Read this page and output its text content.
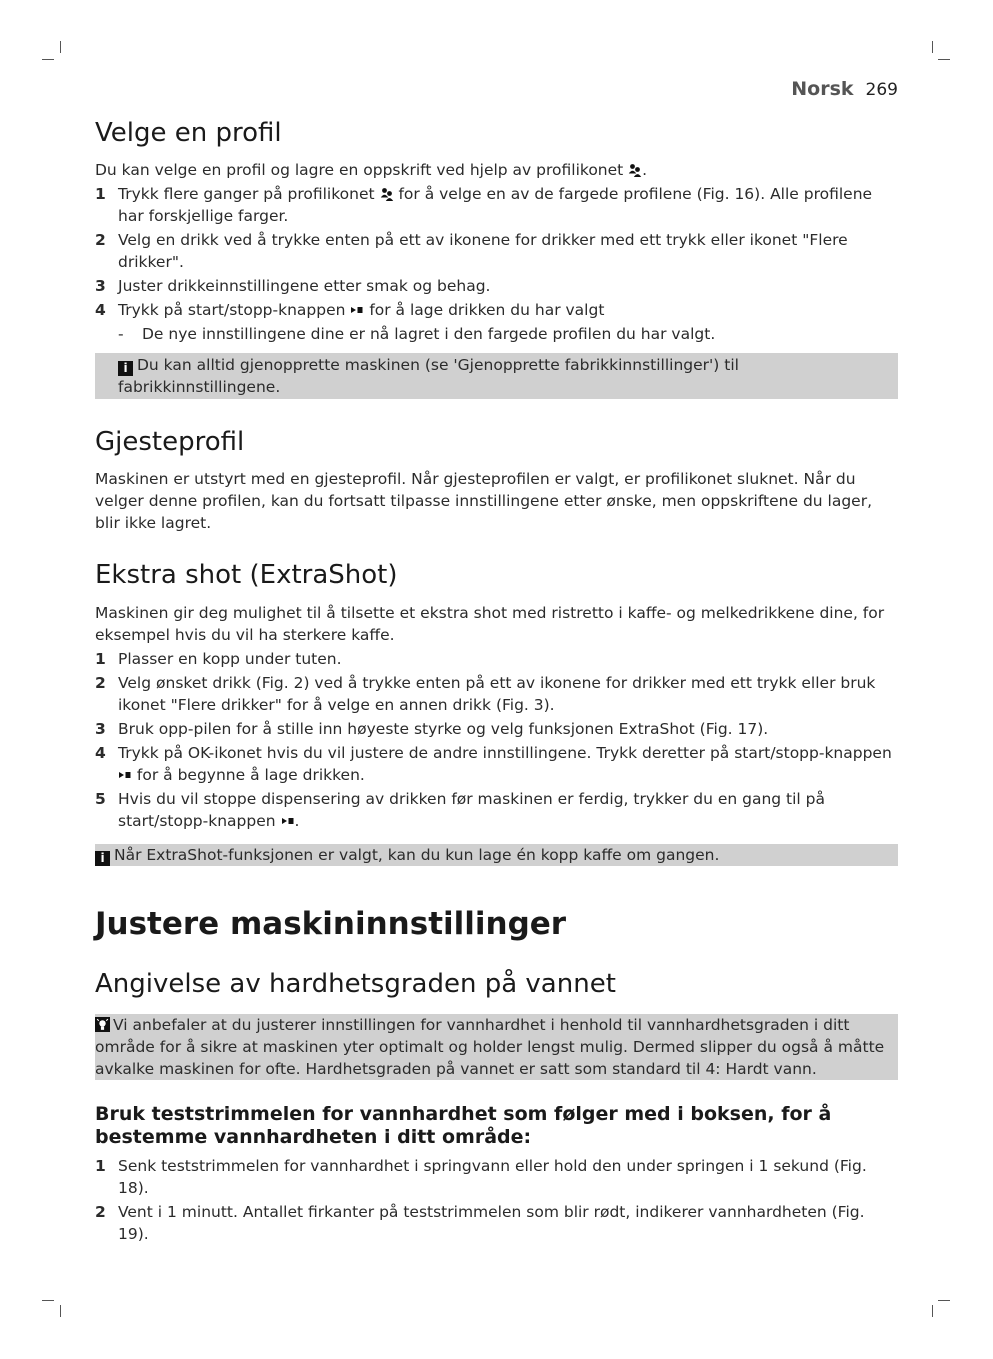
Norsk 269
Velge en profil

Du kan velge en profil og lagre en oppskrift ved hjelp av profilikonet .

1 Trykk flere ganger på profilikonet  for å velge en av de fargede profilene (Fig. 16). Alle profilene har forskjellige farger.
2 Velg en drikk ved å trykke enten på ett av ikonene for drikker med ett trykk eller ikonet "Flere drikker".
3 Juster drikkeinnstillingene etter smak og behag.
4 Trykk på start/stopp-knappen  for å lage drikken du har valgt
- De nye innstillingene dine er nå lagret i den fargede profilen du har valgt.
i Du kan alltid gjenopprette maskinen (se 'Gjenopprette fabrikkinnstillinger') til fabrikkinnstillingene.
Gjesteprofil

Maskinen er utstyrt med en gjesteprofil. Når gjesteprofilen er valgt, er profilikonet sluknet. Når du velger denne profilen, kan du fortsatt tilpasse innstillingene etter ønske, men oppskriftene du lager, blir ikke lagret.

Ekstra shot (ExtraShot)

Maskinen gir deg mulighet til å tilsette et ekstra shot med ristretto i kaffe- og melkedrikkene dine, for eksempel hvis du vil ha sterkere kaffe.

1 Plasser en kopp under tuten.
2 Velg ønsket drikk (Fig. 2) ved å trykke enten på ett av ikonene for drikker med ett trykk eller bruk ikonet "Flere drikker" for å velge en annen drikk (Fig. 3).
3 Bruk opp-pilen for å stille inn høyeste styrke og velg funksjonen ExtraShot (Fig. 17).
4 Trykk på OK-ikonet hvis du vil justere de andre innstillingene. Trykk deretter på start/stopp-knappen  for å begynne å lage drikken.
5 Hvis du vil stoppe dispensering av drikken før maskinen er ferdig, trykker du en gang til på start/stopp-knappen .
i Når ExtraShot-funksjonen er valgt, kan du kun lage én kopp kaffe om gangen.
Justere maskininnstillinger
Angivelse av hardhetsgraden på vannet
Vi anbefaler at du justerer innstillingen for vannhardhet i henhold til vannhardhetsgraden i ditt område for å sikre at maskinen yter optimalt og holder lengst mulig. Dermed slipper du også å måtte avkalke maskinen for ofte. Hardhetsgraden på vannet er satt som standard til 4: Hardt vann.
Bruk teststrimmelen for vannhardhet som følger med i boksen, for å bestemme vannhardheten i ditt område:
1 Senk teststrimmelen for vannhardhet i springvann eller hold den under springen i 1 sekund (Fig. 18).
2 Vent i 1 minutt. Antallet firkanter på teststrimmelen som blir rødt, indikerer vannhardheten (Fig. 19).
